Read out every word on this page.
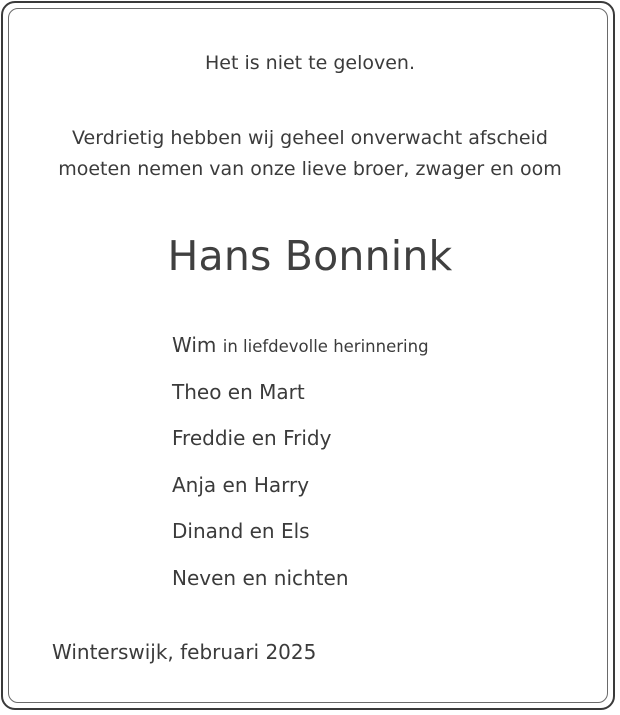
Het is niet te geloven.
Verdrietig hebben wij geheel onverwacht afscheid
moeten nemen van onze lieve broer, zwager en oom
Hans Bonnink
Wim in liefdevolle herinnering
Theo en Mart
Freddie en Fridy
Anja en Harry
Dinand en Els
Neven en nichten
Winterswijk, februari 2025
